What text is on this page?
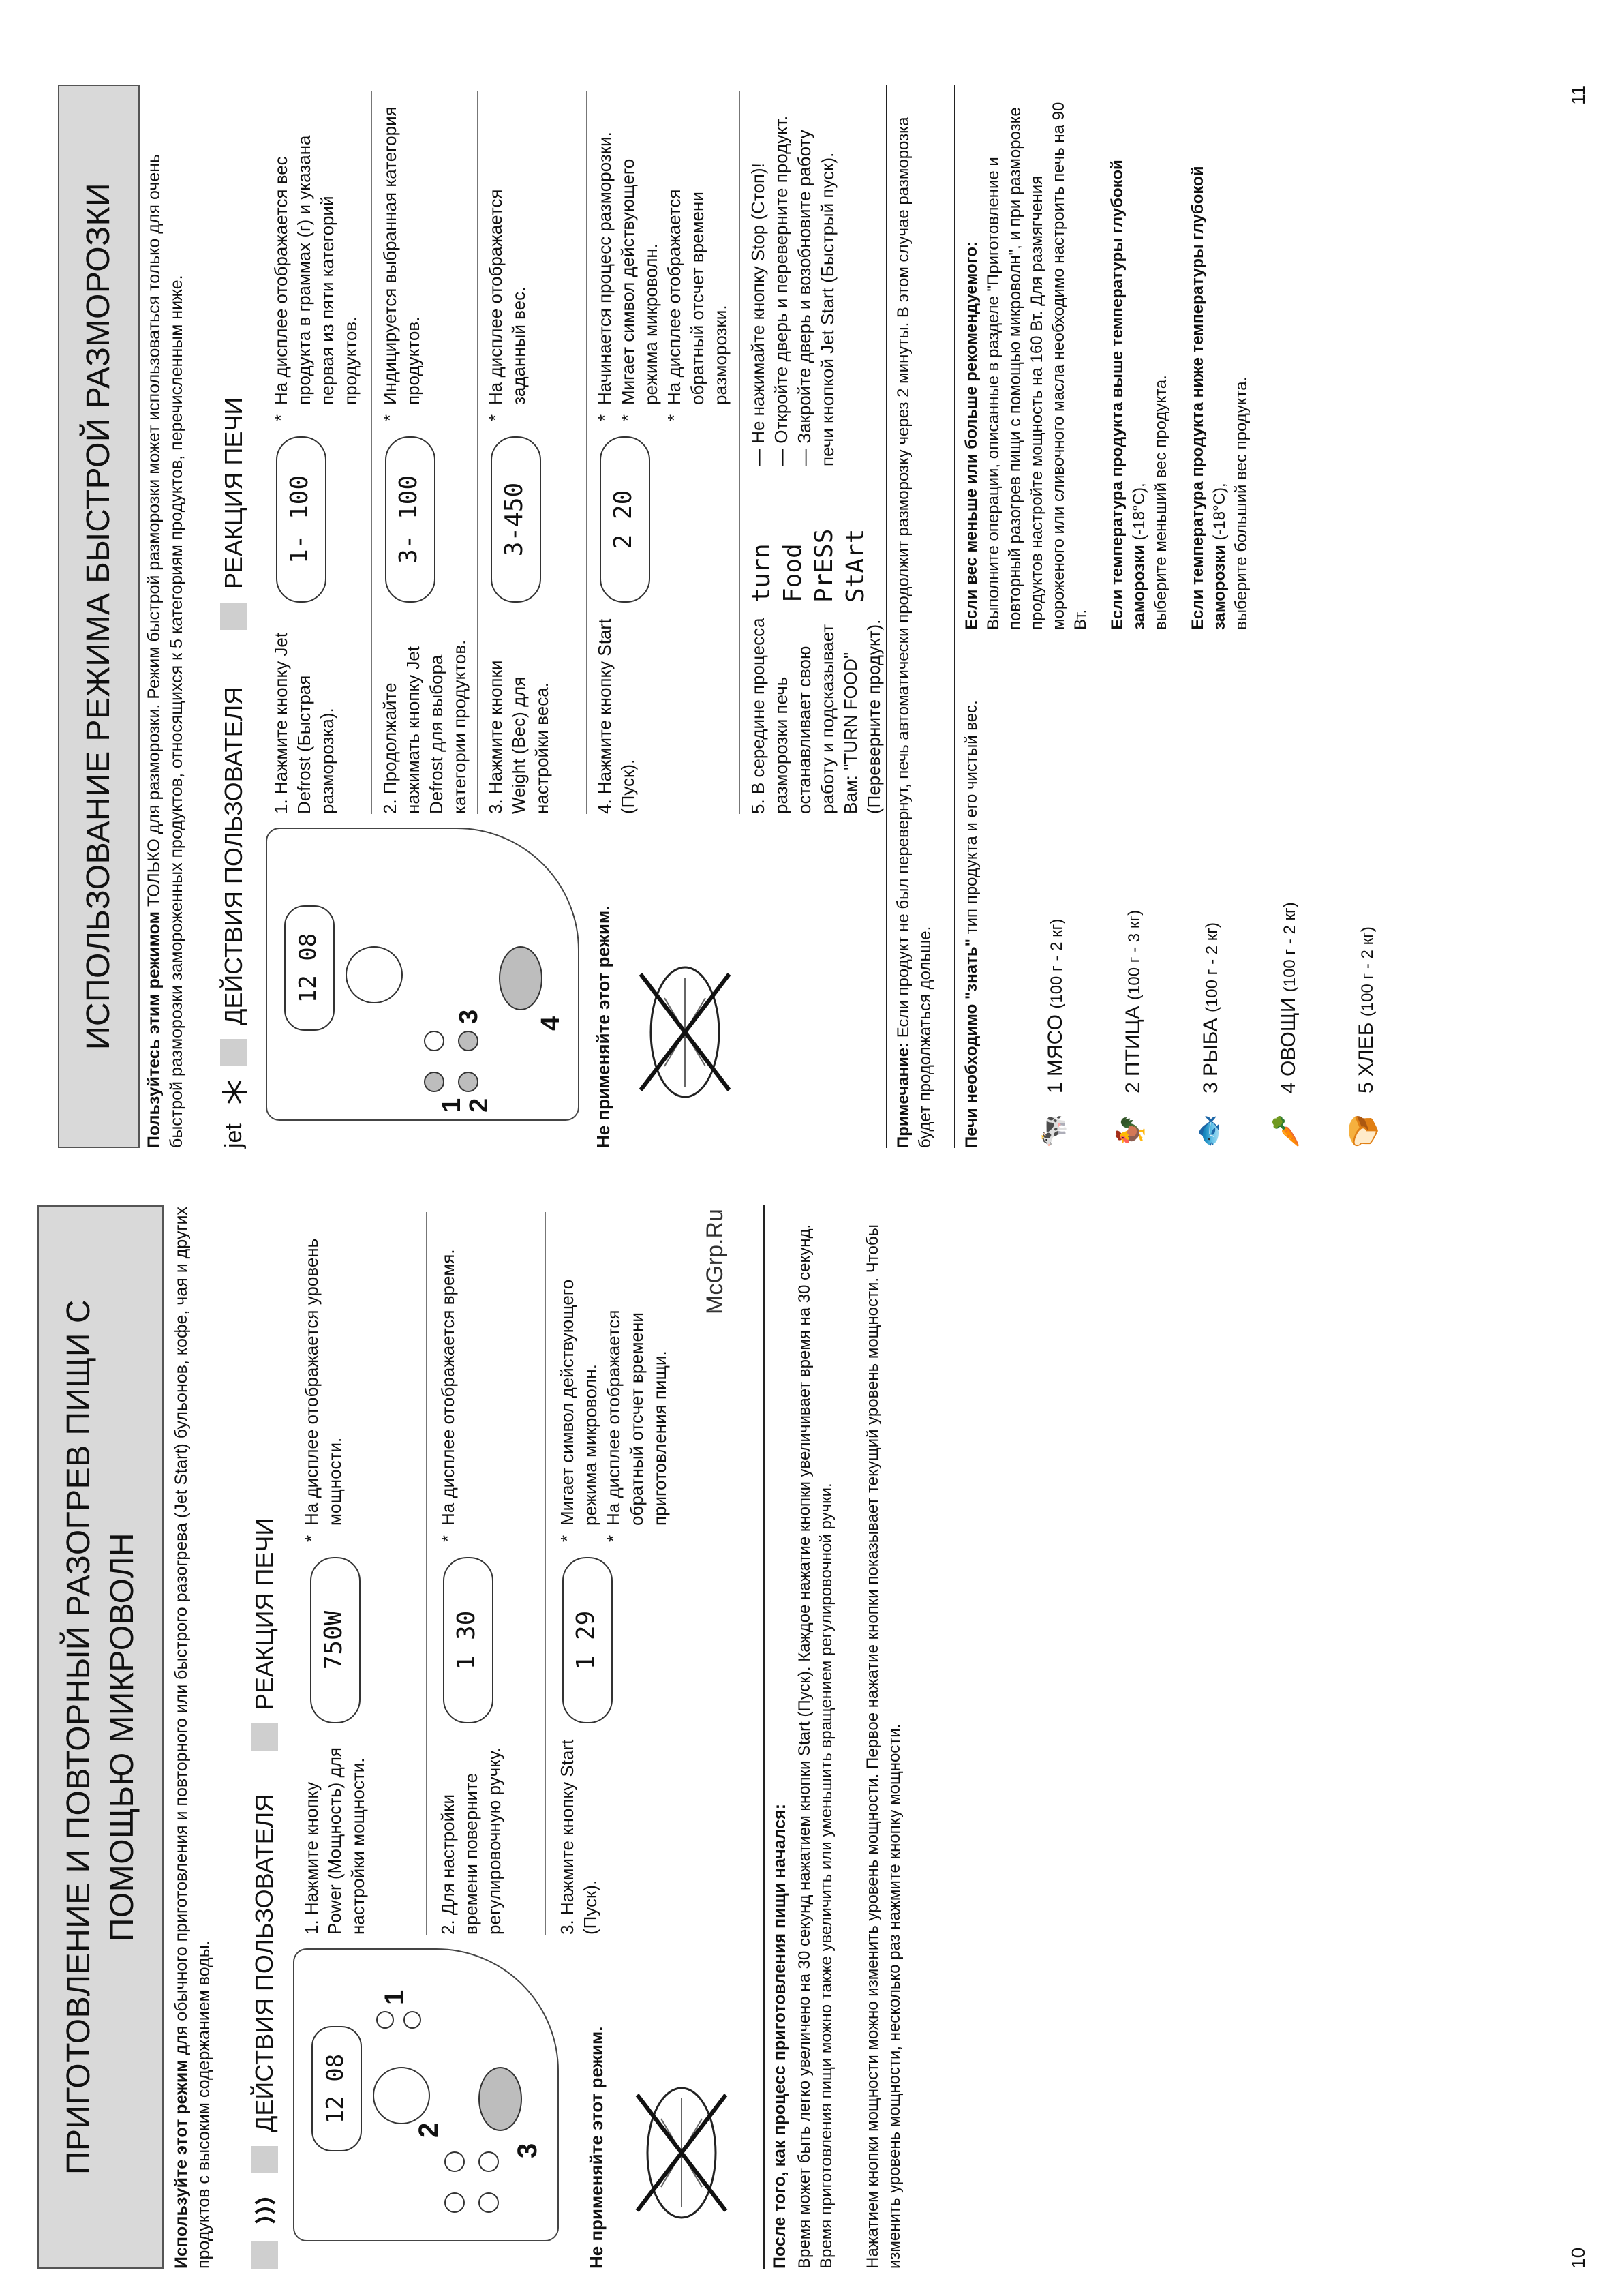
ПРИГОТОВЛЕНИЕ И ПОВТОРНЫЙ РАЗОГРЕВ ПИЩИ С ПОМОЩЬЮ МИКРОВОЛН
Используйте этот режим для обычного приготовления и повторного или быстрого разогрева (Jet Start) бульонов, кофе, чая и других продуктов с высоким содержанием воды. ДЕЙСТВИЯ ПОЛЬЗОВАТЕЛЯ
РЕАКЦИЯ ПЕЧИ
12 08
1
2
3
1. Нажмите кнопку Power (Мощность) для настройки мощности.
750W
*
На дисплее отображается уровень мощности.
2. Для настройки времени поверните регулировочную ручку.
1 30
*
На дисплее отображается время.
3. Нажмите кнопку Start (Пуск).
1 29
*
Мигает символ действующего режима микроволн.
*
На дисплее отображается обратный отсчет времени приготовления пищи.
Не применяйте этот режим.	После того, как процесс приготовления пищи начался: Время может быть легко увеличено на 30 секунд нажатием кнопки Start (Пуск). Каждое нажатие кнопки увеличивает время на 30 секунд. Время приготовления пищи можно также увеличить или уменьшить вращением регулировочной ручки. Нажатием кнопки мощности можно изменить уровень мощности. Первое нажатие кнопки показывает текущий уровень мощности. Чтобы изменить уровень мощности, несколько раз нажмите кнопку мощности.	10
McGrp.Ru
ИСПОЛЬЗОВАНИЕ РЕЖИМА БЫСТРОЙ РАЗМОРОЗКИ Пользуйтесь этим режимом ТОЛЬКО для разморозки. Режим быстрой разморозки может использоваться только для очень быстрой разморозки замороженных продуктов, относящихся к 5 категориям продуктов, перечисленным ниже. jet
ДЕЙСТВИЯ ПОЛЬЗОВАТЕЛЯ
РЕАКЦИЯ ПЕЧИ
12 08
1
2
3 4
1. Нажмите кнопку Jet Defrost (Быстрая разморозка).
1- 100
*
На дисплее отображается вес продукта в граммах (г) и указана первая из пяти категорий продуктов.
2. Продолжайте нажимать кнопку Jet Defrost для выбора категории продуктов.
3- 100
*
Индицируется выбранная категория продуктов.
3. Нажмите кнопки Weight (Вес) для настройки веса.
3-450
*
На дисплее отображается заданный вес.
4. Нажмите кнопку Start (Пуск).
2 20
*
Начинается процесс разморозки.
*
Мигает символ действующего режима микроволн.
*
На дисплее отображается обратный отсчет времени разморозки.
Не применяйте этот режим.
5. В середине процесса разморозки печь останавливает свою работу и подсказывает Вам: "TURN FOOD" (Переверните продукт).
turn Food PrESS StArt
— Не нажимайте кнопку Stop (Стоп)!
— Откройте дверь и переверните продукт.
— Закройте дверь и возобновите работу печи кнопкой Jet Start (Быстрый пуск).
Примечание: Если продукт не был перевернут, печь автоматически продолжит разморозку через 2 минуты. В этом случае разморозка будет продолжаться дольше. Печи необходимо "знать" тип продукта и его чистый вес.
🐄1 МЯСО (100 г - 2 кг)
🐓2 ПТИЦА (100 г - 3 кг)
🐟3 РЫБА (100 г - 2 кг)
🥕4 ОВОЩИ (100 г - 2 кг)
🍞5 ХЛЕБ (100 г - 2 кг)
Если вес меньше или больше рекомендуемого: Выполните операции, описанные в разделе "Приготовление и повторный разогрев пищи с помощью микроволн", и при разморозке продуктов настройте мощность на 160 Вт. Для размягчения мороженого или сливочного масла необходимо настроить печь на 90 Вт. Если температура продукта выше температуры глубокой заморозки (-18°C), выберите меньший вес продукта. Если температура продукта ниже температуры глубокой заморозки (-18°C), выберите больший вес продукта.
11
